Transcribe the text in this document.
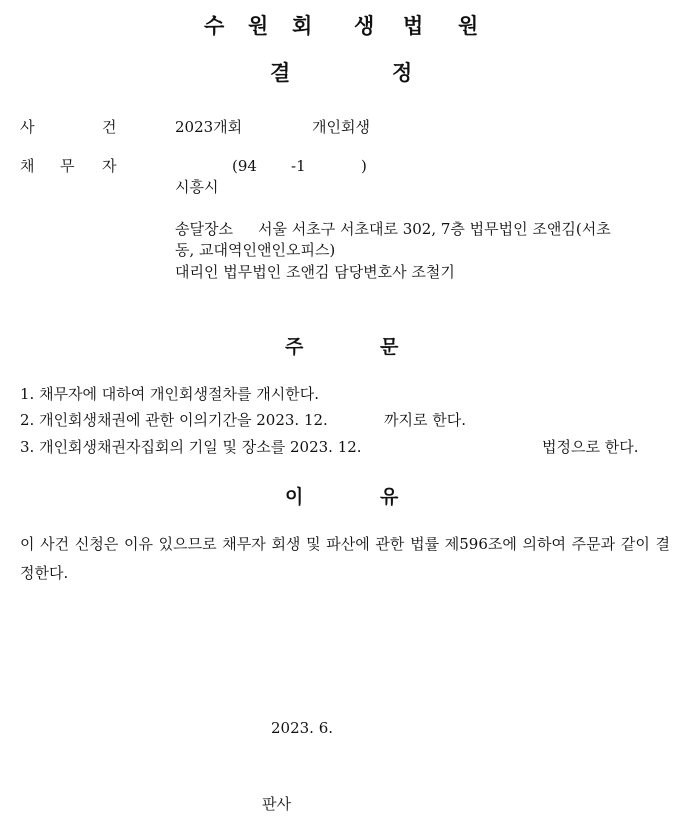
수 원 회 생 법 원
결	정
사	건	2023개회	개인회생
채 무 자	(94 -1	)
시흥시
송달장소 서울 서초구 서초대로 302, 7층 법무법인 조앤김(서초
동, 교대역인앤인오피스)
대리인 법무법인 조앤김 담당변호사 조철기
주	문
1. 채무자에 대하여 개인회생절차를 개시한다.
2. 개인회생채권에 관한 이의기간을 2023. 12.	까지로 한다.
3. 개인회생채권자집회의 기일 및 장소를 2023. 12.	법정으로 한다.
이	유
이 사건 신청은 이유 있으므로 채무자 회생 및 파산에 관한 법률 제596조에 의하여 주문과 같이 결정한다.
2023. 6.
판사
